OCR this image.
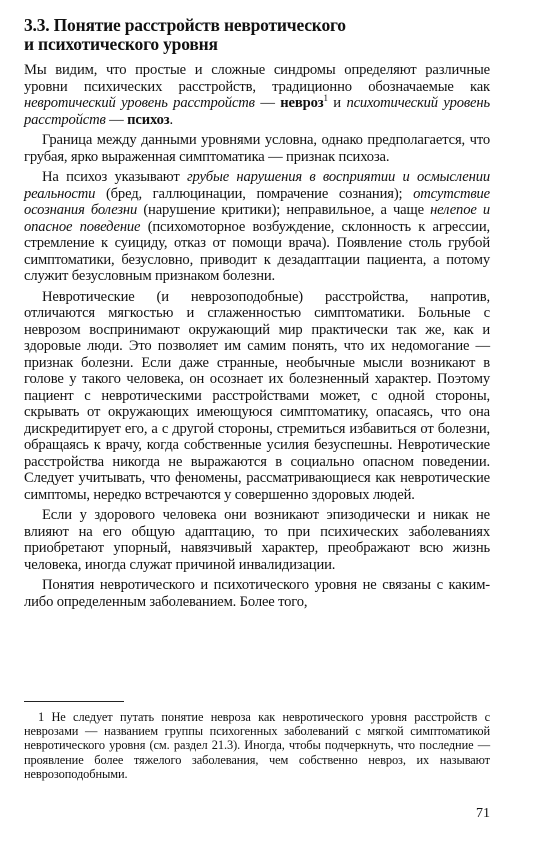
3.3. Понятие расстройств невротического
и психотического уровня

Мы видим, что простые и сложные синдромы определяют различные уровни психических расстройств, традиционно обозначаемые как невротический уровень расстройств — невроз$^1$ и психотический уровень расстройств — психоз.

Граница между данными уровнями условна, однако предполагается, что грубая, ярко выраженная симптоматика — признак психоза.

На психоз указывают грубые нарушения в восприятии и осмыслении реальности (бред, галлюцинации, помрачение сознания); отсутствие осознания болезни (нарушение критики); неправильное, а чаще нелепое и опасное поведение (психомоторное возбуждение, склонность к агрессии, стремление к суициду, отказ от помощи врача). Появление столь грубой симптоматики, безусловно, приводит к дезадаптации пациента, а потому служит безусловным признаком болезни.

Невротические (и неврозоподобные) расстройства, напротив, отличаются мягкостью и сглаженностью симптоматики. Больные с неврозом воспринимают окружающий мир практически так же, как и здоровые люди. Это позволяет им самим понять, что их недомогание — признак болезни. Если даже странные, необычные мысли возникают в голове у такого человека, он осознает их болезненный характер. Поэтому пациент с невротическими расстройствами может, с одной стороны, скрывать от окружающих имеющуюся симптоматику, опасаясь, что она дискредитирует его, а с другой стороны, стремиться избавиться от болезни, обращаясь к врачу, когда собственные усилия безуспешны. Невротические расстройства никогда не выражаются в социально опасном поведении. Следует учитывать, что феномены, рассматривающиеся как невротические симптомы, нередко встречаются у совершенно здоровых людей.

Если у здорового человека они возникают эпизодически и никак не влияют на его общую адаптацию, то при психических заболеваниях приобретают упорный, навязчивый характер, преображают всю жизнь человека, иногда служат причиной инвалидизации.

Понятия невротического и психотического уровня не связаны с каким-либо определенным заболеванием. Более того,

1 Не следует путать понятие невроза как невротического уровня расстройств с неврозами — названием группы психогенных заболеваний с мягкой симптоматикой невротического уровня (см. раздел 21.3). Иногда, чтобы подчеркнуть, что последние — проявление более тяжелого заболевания, чем собственно невроз, их называют неврозоподобными.

71
